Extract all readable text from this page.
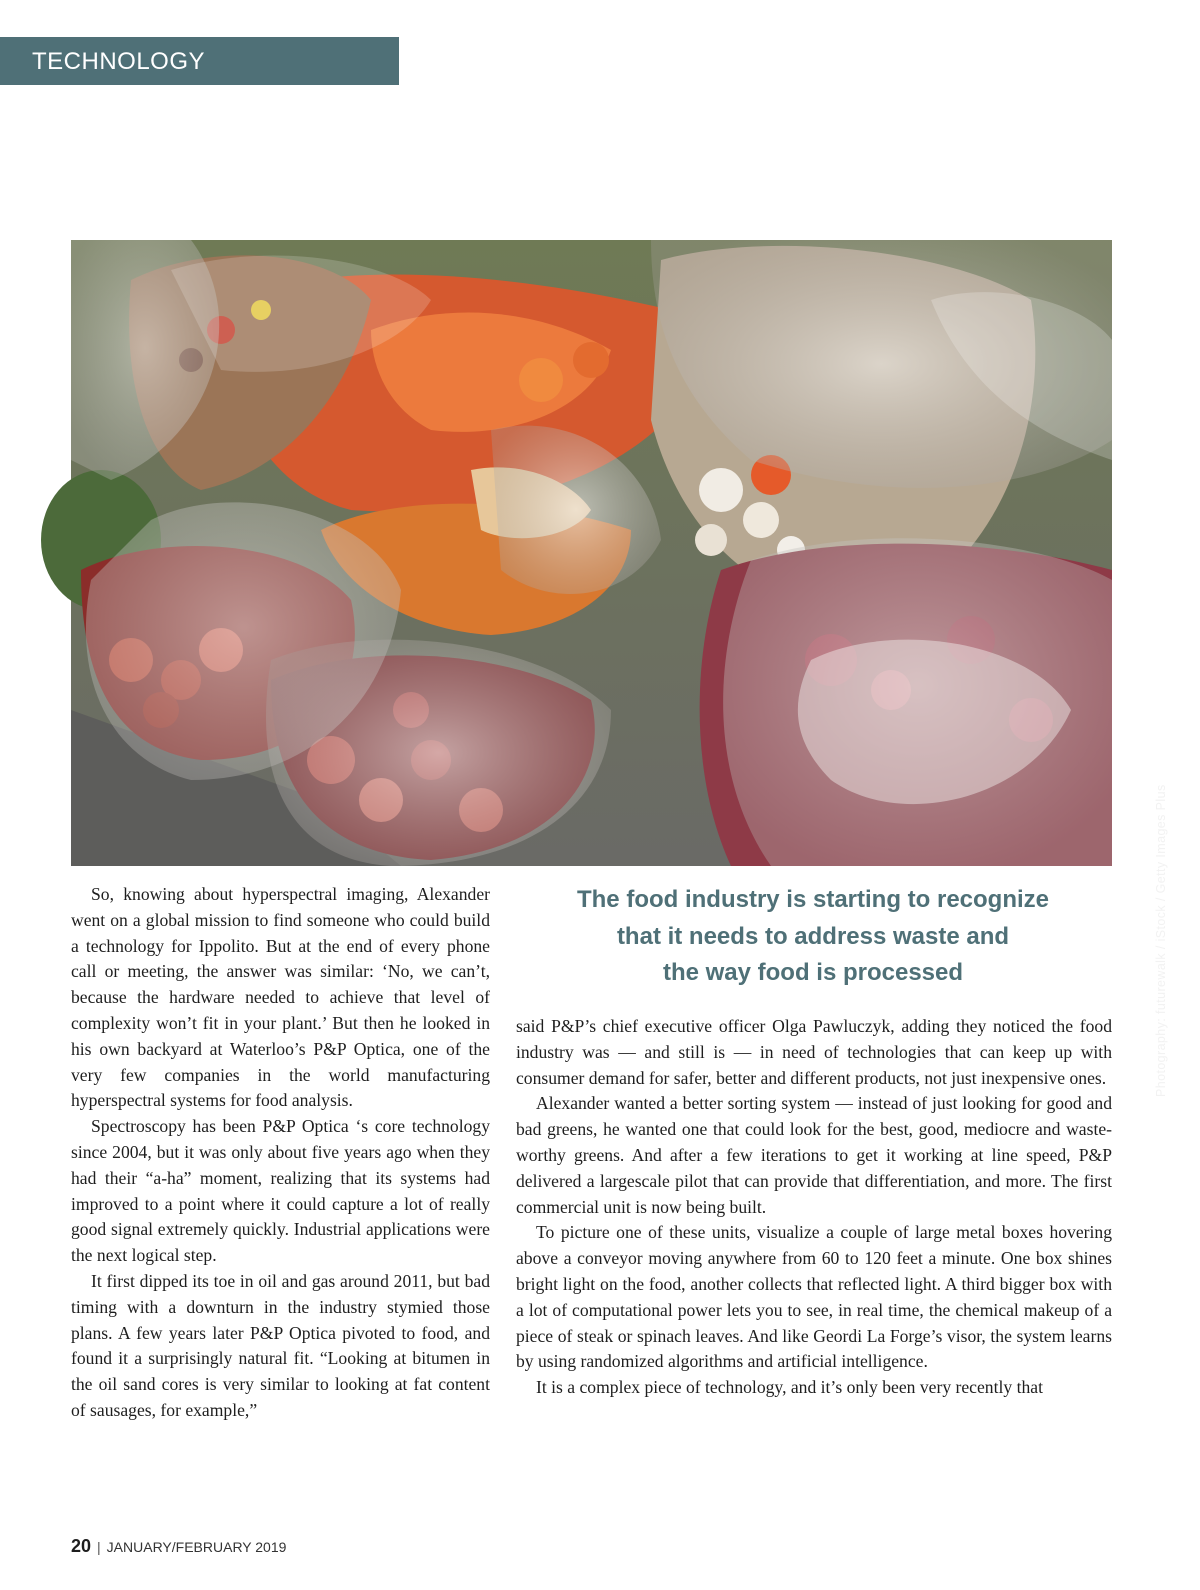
TECHNOLOGY
Photography: futurewalk / iStock / Getty Images Plus

So, knowing about hyperspectral imaging, Alexander went on a global mission to find someone who could build a technology for Ippolito. But at the end of every phone call or meeting, the answer was similar: ‘No, we can’t, because the hardware needed to achieve that level of complexity won’t fit in your plant.’ But then he looked in his own backyard at Waterloo’s P&P Optica, one of the very few companies in the world manufacturing hyperspectral systems for food analysis.

Spectroscopy has been P&P Optica ‘s core technology since 2004, but it was only about five years ago when they had their “a-ha” moment, realizing that its systems had improved to a point where it could capture a lot of really good signal extremely quickly. Industrial applications were the next logical step.

It first dipped its toe in oil and gas around 2011, but bad timing with a downturn in the industry stymied those plans. A few years later P&P Optica pivoted to food, and found it a surprisingly natural fit. “Looking at bitumen in the oil sand cores is very similar to looking at fat content of sausages, for example,”

The food industry is starting to recognize
that it needs to address waste and
the way food is processed

said P&P’s chief executive officer Olga Pawluczyk, adding they noticed the food industry was — and still is — in need of technologies that can keep up with consumer demand for safer, better and different products, not just inexpensive ones.

Alexander wanted a better sorting system — instead of just looking for good and bad greens, he wanted one that could look for the best, good, mediocre and waste-worthy greens. And after a few iterations to get it working at line speed, P&P delivered a largescale pilot that can provide that differentiation, and more. The first commercial unit is now being built.

To picture one of these units, visualize a couple of large metal boxes hovering above a conveyor moving anywhere from 60 to 120 feet a minute. One box shines bright light on the food, another collects that reflected light. A third bigger box with a lot of computational power lets you to see, in real time, the chemical makeup of a piece of steak or spinach leaves. And like Geordi La Forge’s visor, the system learns by using randomized algorithms and artificial intelligence.

It is a complex piece of technology, and it’s only been very recently that

20 | JANUARY/FEBRUARY 2019
